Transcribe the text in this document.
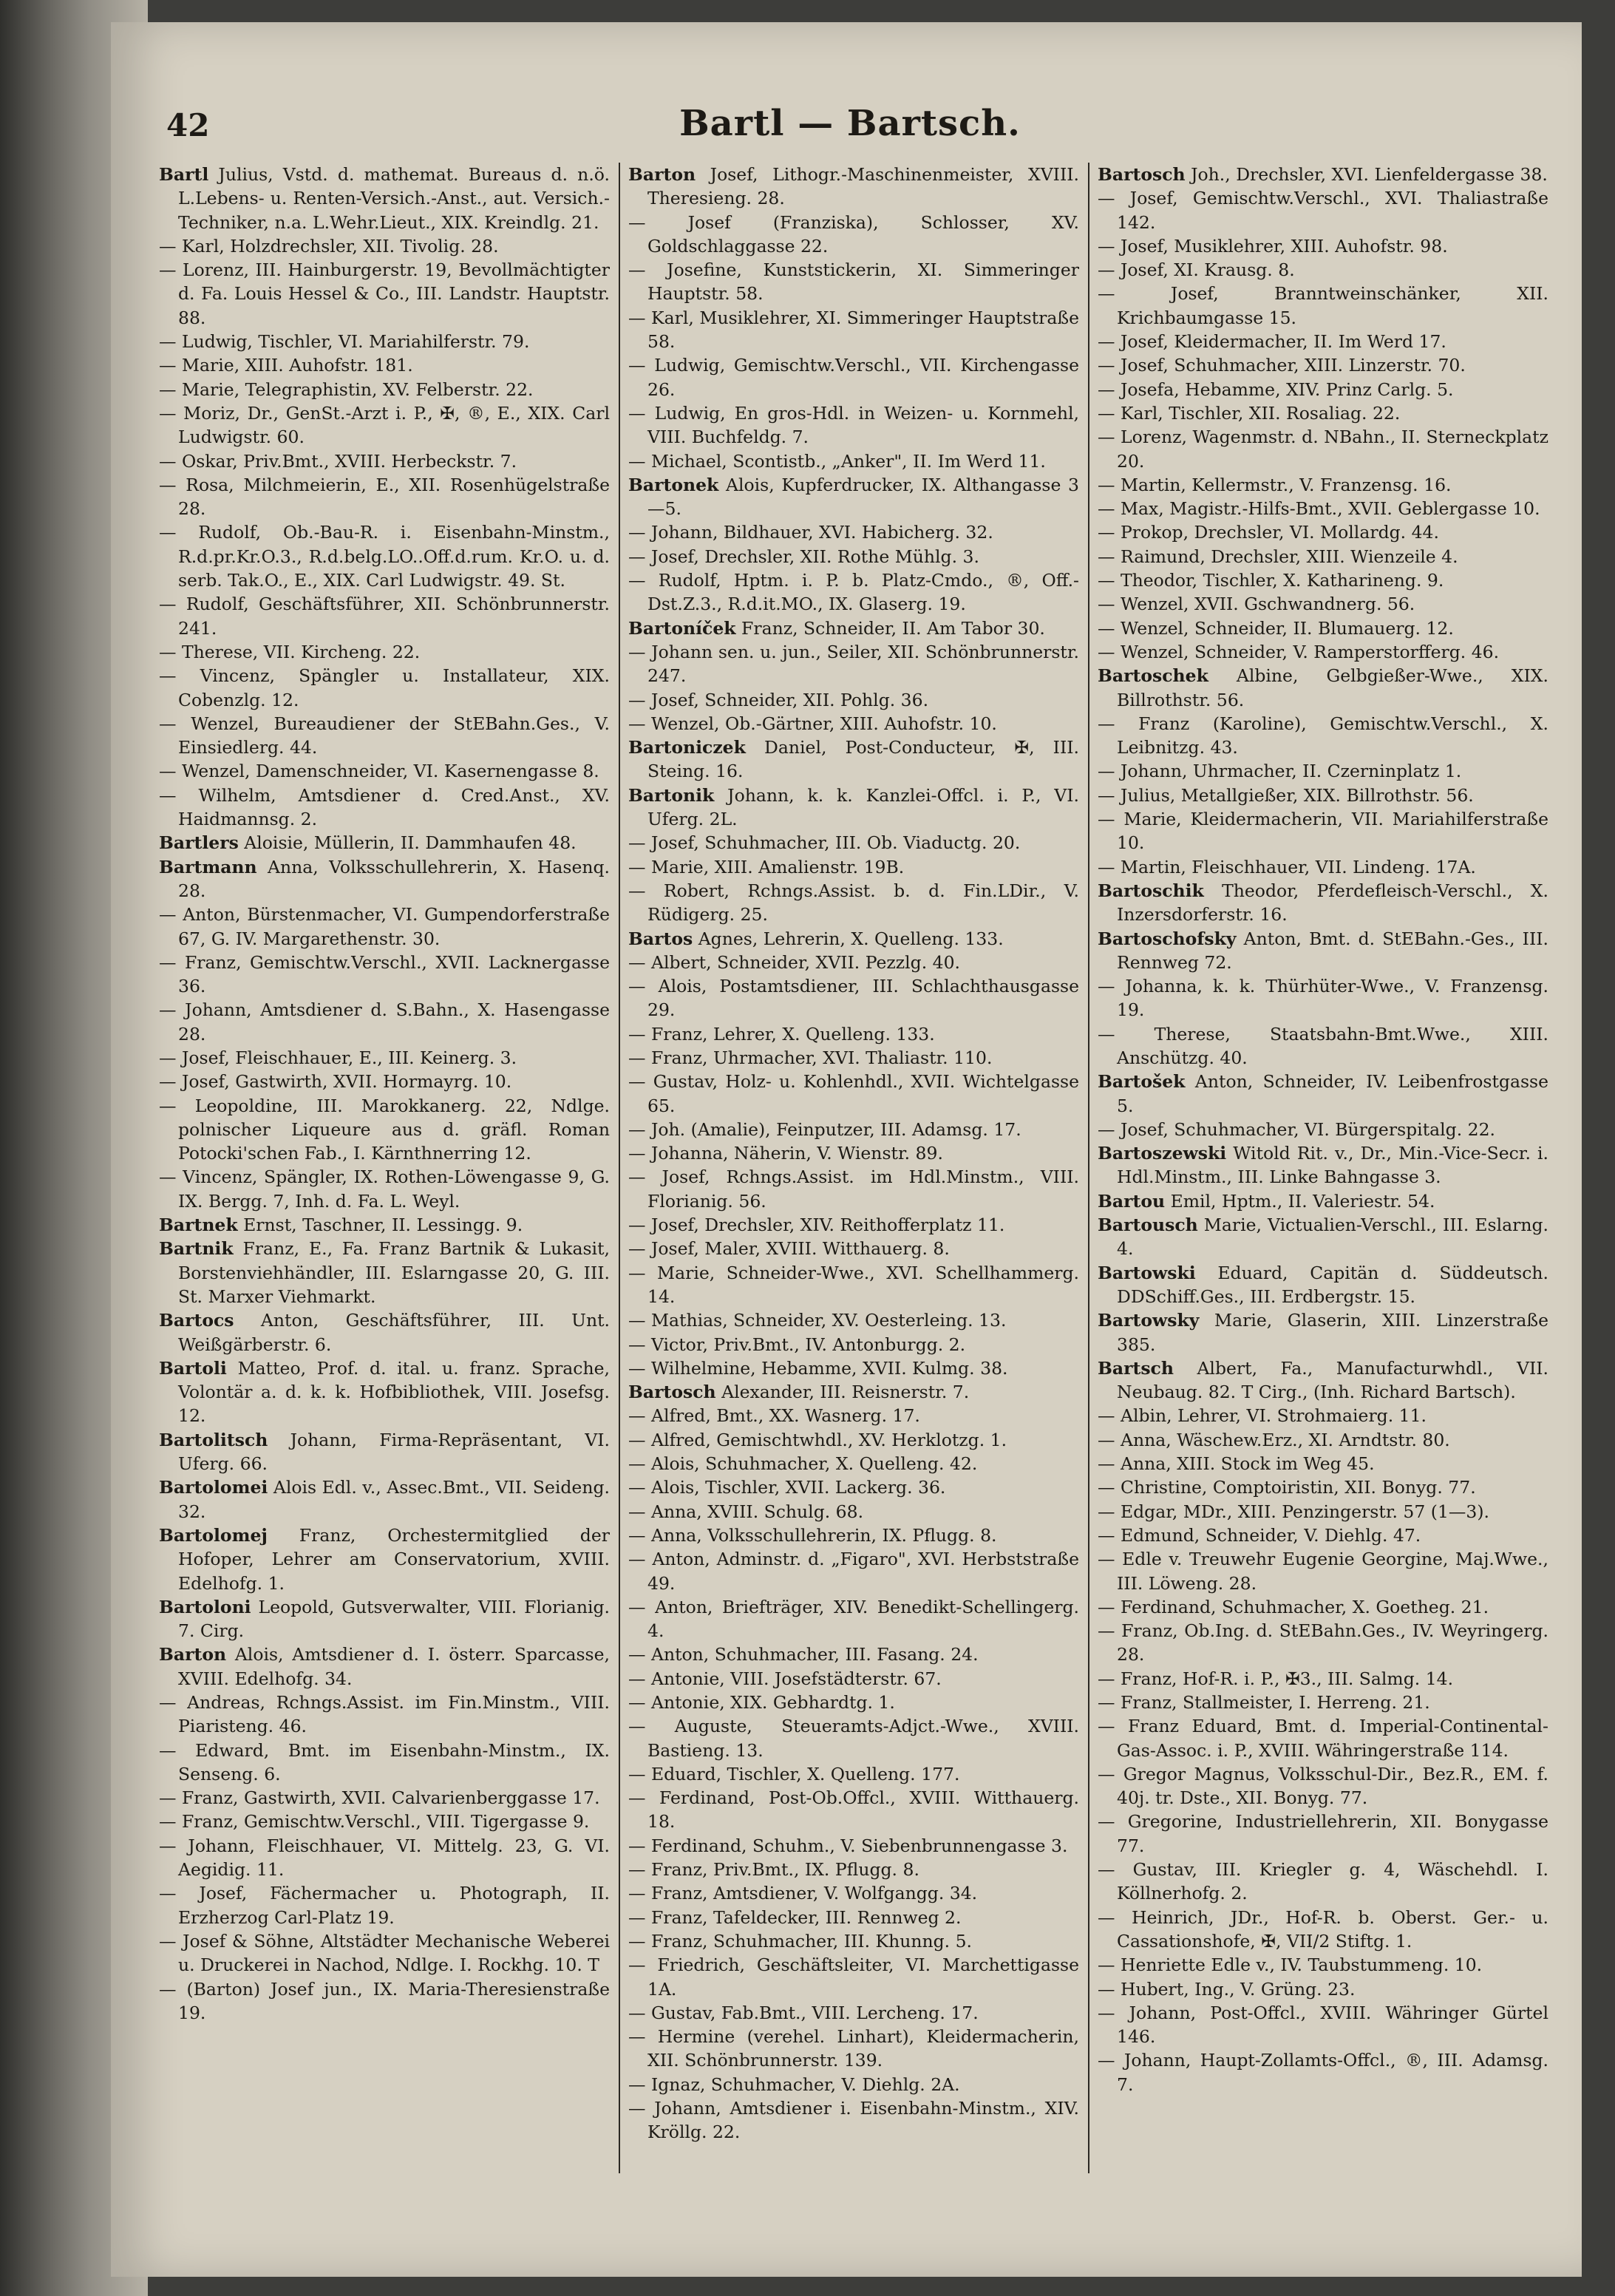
42	Bartl — Bartsch.
Bartl Julius, Vstd. d. mathemat. Bureaus d. n.ö. L.Lebens- u. Renten-Versich.-Anst., aut. Versich.-Techniker, n.a. L.Wehr.Lieut., XIX. Kreindlg. 21.
— Karl, Holzdrechsler, XII. Tivolig. 28.
— Lorenz, III. Hainburgerstr. 19, Bevollmächtigter d. Fa. Louis Hessel & Co., III. Landstr. Hauptstr. 88.
— Ludwig, Tischler, VI. Mariahilferstr. 79.
— Marie, XIII. Auhofstr. 181.
— Marie, Telegraphistin, XV. Felberstr. 22.
— Moriz, Dr., GenSt.-Arzt i. P., ✠, ®, E., XIX. Carl Ludwigstr. 60.
— Oskar, Priv.Bmt., XVIII. Herbeckstr. 7.
— Rosa, Milchmeierin, E., XII. Rosenhügelstraße 28.
— Rudolf, Ob.-Bau-R. i. Eisenbahn-Minstm., R.d.pr.Kr.O.3., R.d.belg.LO..Off.d.rum. Kr.O. u. d. serb. Tak.O., E., XIX. Carl Ludwigstr. 49. St.
— Rudolf, Geschäftsführer, XII. Schönbrunnerstr. 241.
— Therese, VII. Kircheng. 22.
— Vincenz, Spängler u. Installateur, XIX. Cobenzlg. 12.
— Wenzel, Bureaudiener der StEBahn.Ges., V. Einsiedlerg. 44.
— Wenzel, Damenschneider, VI. Kasernengasse 8.
— Wilhelm, Amtsdiener d. Cred.Anst., XV. Haidmannsg. 2.
Bartlers Aloisie, Müllerin, II. Dammhaufen 48.
Bartmann Anna, Volksschullehrerin, X. Hasenq. 28.
— Anton, Bürstenmacher, VI. Gumpendorferstraße 67, G. IV. Margarethenstr. 30.
— Franz, Gemischtw.Verschl., XVII. Lacknergasse 36.
— Johann, Amtsdiener d. S.Bahn., X. Hasengasse 28.
— Josef, Fleischhauer, E., III. Keinerg. 3.
— Josef, Gastwirth, XVII. Hormayrg. 10.
— Leopoldine, III. Marokkanerg. 22, Ndlge. polnischer Liqueure aus d. gräfl. Roman Potocki'schen Fab., I. Kärnthnerring 12.
— Vincenz, Spängler, IX. Rothen-Löwengasse 9, G. IX. Bergg. 7, Inh. d. Fa. L. Weyl.
Bartnek Ernst, Taschner, II. Lessingg. 9.
Bartnik Franz, E., Fa. Franz Bartnik & Lukasit, Borstenviehhändler, III. Eslarngasse 20, G. III. St. Marxer Viehmarkt.
Bartocs Anton, Geschäftsführer, III. Unt. Weißgärberstr. 6.
Bartoli Matteo, Prof. d. ital. u. franz. Sprache, Volontär a. d. k. k. Hofbibliothek, VIII. Josefsg. 12.
Bartolitsch Johann, Firma-Repräsentant, VI. Uferg. 66.
Bartolomei Alois Edl. v., Assec.Bmt., VII. Seideng. 32.
Bartolomej Franz, Orchestermitglied der Hofoper, Lehrer am Conservatorium, XVIII. Edelhofg. 1.
Bartoloni Leopold, Gutsverwalter, VIII. Florianig. 7. Cirg.
Barton Alois, Amtsdiener d. I. österr. Sparcasse, XVIII. Edelhofg. 34.
— Andreas, Rchngs.Assist. im Fin.Minstm., VIII. Piaristeng. 46.
— Edward, Bmt. im Eisenbahn-Minstm., IX. Senseng. 6.
— Franz, Gastwirth, XVII. Calvarienberggasse 17.
— Franz, Gemischtw.Verschl., VIII. Tigergasse 9.
— Johann, Fleischhauer, VI. Mittelg. 23, G. VI. Aegidig. 11.
— Josef, Fächermacher u. Photograph, II. Erzherzog Carl-Platz 19.
— Josef & Söhne, Altstädter Mechanische Weberei u. Druckerei in Nachod, Ndlge. I. Rockhg. 10. T
— (Barton) Josef jun., IX. Maria-Theresienstraße 19.
Barton Josef, Lithogr.-Maschinenmeister, XVIII. Theresieng. 28.
— Josef (Franziska), Schlosser, XV. Goldschlaggasse 22.
— Josefine, Kunststickerin, XI. Simmeringer Hauptstr. 58.
— Karl, Musiklehrer, XI. Simmeringer Hauptstraße 58.
— Ludwig, Gemischtw.Verschl., VII. Kirchengasse 26.
— Ludwig, En gros-Hdl. in Weizen- u. Kornmehl, VIII. Buchfeldg. 7.
— Michael, Scontistb., „Anker", II. Im Werd 11.
Bartonek Alois, Kupferdrucker, IX. Althangasse 3—5.
— Johann, Bildhauer, XVI. Habicherg. 32.
— Josef, Drechsler, XII. Rothe Mühlg. 3.
— Rudolf, Hptm. i. P. b. Platz-Cmdo., ®, Off.-Dst.Z.3., R.d.it.MO., IX. Glaserg. 19.
Bartoníček Franz, Schneider, II. Am Tabor 30.
— Johann sen. u. jun., Seiler, XII. Schönbrunnerstr. 247.
— Josef, Schneider, XII. Pohlg. 36.
— Wenzel, Ob.-Gärtner, XIII. Auhofstr. 10.
Bartoniczek Daniel, Post-Conducteur, ✠, III. Steing. 16.
Bartonik Johann, k. k. Kanzlei-Offcl. i. P., VI. Uferg. 2L.
— Josef, Schuhmacher, III. Ob. Viaductg. 20.
— Marie, XIII. Amalienstr. 19B.
— Robert, Rchngs.Assist. b. d. Fin.LDir., V. Rüdigerg. 25.
Bartos Agnes, Lehrerin, X. Quelleng. 133.
— Albert, Schneider, XVII. Pezzlg. 40.
— Alois, Postamtsdiener, III. Schlachthausgasse 29.
— Franz, Lehrer, X. Quelleng. 133.
— Franz, Uhrmacher, XVI. Thaliastr. 110.
— Gustav, Holz- u. Kohlenhdl., XVII. Wichtelgasse 65.
— Joh. (Amalie), Feinputzer, III. Adamsg. 17.
— Johanna, Näherin, V. Wienstr. 89.
— Josef, Rchngs.Assist. im Hdl.Minstm., VIII. Florianig. 56.
— Josef, Drechsler, XIV. Reithofferplatz 11.
— Josef, Maler, XVIII. Witthauerg. 8.
— Marie, Schneider-Wwe., XVI. Schellhammerg. 14.
— Mathias, Schneider, XV. Oesterleing. 13.
— Victor, Priv.Bmt., IV. Antonburgg. 2.
— Wilhelmine, Hebamme, XVII. Kulmg. 38.
Bartosch Alexander, III. Reisnerstr. 7.
— Alfred, Bmt., XX. Wasnerg. 17.
— Alfred, Gemischtwhdl., XV. Herklotzg. 1.
— Alois, Schuhmacher, X. Quelleng. 42.
— Alois, Tischler, XVII. Lackerg. 36.
— Anna, XVIII. Schulg. 68.
— Anna, Volksschullehrerin, IX. Pflugg. 8.
— Anton, Adminstr. d. „Figaro", XVI. Herbststraße 49.
— Anton, Briefträger, XIV. Benedikt-Schellingerg. 4.
— Anton, Schuhmacher, III. Fasang. 24.
— Antonie, VIII. Josefstädterstr. 67.
— Antonie, XIX. Gebhardtg. 1.
— Auguste, Steueramts-Adjct.-Wwe., XVIII. Bastieng. 13.
— Eduard, Tischler, X. Quelleng. 177.
— Ferdinand, Post-Ob.Offcl., XVIII. Witthauerg. 18.
— Ferdinand, Schuhm., V. Siebenbrunnengasse 3.
— Franz, Priv.Bmt., IX. Pflugg. 8.
— Franz, Amtsdiener, V. Wolfgangg. 34.
— Franz, Tafeldecker, III. Rennweg 2.
— Franz, Schuhmacher, III. Khunng. 5.
— Friedrich, Geschäftsleiter, VI. Marchettigasse 1A.
— Gustav, Fab.Bmt., VIII. Lercheng. 17.
— Hermine (verehel. Linhart), Kleidermacherin, XII. Schönbrunnerstr. 139.
— Ignaz, Schuhmacher, V. Diehlg. 2A.
— Johann, Amtsdiener i. Eisenbahn-Minstm., XIV. Kröllg. 22.
Bartosch Joh., Drechsler, XVI. Lienfeldergasse 38.
— Josef, Gemischtw.Verschl., XVI. Thaliastraße 142.
— Josef, Musiklehrer, XIII. Auhofstr. 98.
— Josef, XI. Krausg. 8.
— Josef, Branntweinschänker, XII. Krichbaumgasse 15.
— Josef, Kleidermacher, II. Im Werd 17.
— Josef, Schuhmacher, XIII. Linzerstr. 70.
— Josefa, Hebamme, XIV. Prinz Carlg. 5.
— Karl, Tischler, XII. Rosaliag. 22.
— Lorenz, Wagenmstr. d. NBahn., II. Sterneckplatz 20.
— Martin, Kellermstr., V. Franzensg. 16.
— Max, Magistr.-Hilfs-Bmt., XVII. Geblergasse 10.
— Prokop, Drechsler, VI. Mollardg. 44.
— Raimund, Drechsler, XIII. Wienzeile 4.
— Theodor, Tischler, X. Katharineng. 9.
— Wenzel, XVII. Gschwandnerg. 56.
— Wenzel, Schneider, II. Blumauerg. 12.
— Wenzel, Schneider, V. Ramperstorfferg. 46.
Bartoschek Albine, Gelbgießer-Wwe., XIX. Billrothstr. 56.
— Franz (Karoline), Gemischtw.Verschl., X. Leibnitzg. 43.
— Johann, Uhrmacher, II. Czerninplatz 1.
— Julius, Metallgießer, XIX. Billrothstr. 56.
— Marie, Kleidermacherin, VII. Mariahilferstraße 10.
— Martin, Fleischhauer, VII. Lindeng. 17A.
Bartoschik Theodor, Pferdefleisch-Verschl., X. Inzersdorferstr. 16.
Bartoschofsky Anton, Bmt. d. StEBahn.-Ges., III. Rennweg 72.
— Johanna, k. k. Thürhüter-Wwe., V. Franzensg. 19.
— Therese, Staatsbahn-Bmt.Wwe., XIII. Anschützg. 40.
Bartošek Anton, Schneider, IV. Leibenfrostgasse 5.
— Josef, Schuhmacher, VI. Bürgerspitalg. 22.
Bartoszewski Witold Rit. v., Dr., Min.-Vice-Secr. i. Hdl.Minstm., III. Linke Bahngasse 3.
Bartou Emil, Hptm., II. Valeriestr. 54.
Bartousch Marie, Victualien-Verschl., III. Eslarng. 4.
Bartowski Eduard, Capitän d. Süddeutsch. DDSchiff.Ges., III. Erdbergstr. 15.
Bartowsky Marie, Glaserin, XIII. Linzerstraße 385.
Bartsch Albert, Fa., Manufacturwhdl., VII. Neubaug. 82. T Cirg., (Inh. Richard Bartsch).
— Albin, Lehrer, VI. Strohmaierg. 11.
— Anna, Wäschew.Erz., XI. Arndtstr. 80.
— Anna, XIII. Stock im Weg 45.
— Christine, Comptoiristin, XII. Bonyg. 77.
— Edgar, MDr., XIII. Penzingerstr. 57 (1—3).
— Edmund, Schneider, V. Diehlg. 47.
— Edle v. Treuwehr Eugenie Georgine, Maj.Wwe., III. Löweng. 28.
— Ferdinand, Schuhmacher, X. Goetheg. 21.
— Franz, Ob.Ing. d. StEBahn.Ges., IV. Weyringerg. 28.
— Franz, Hof-R. i. P., ✠3., III. Salmg. 14.
— Franz, Stallmeister, I. Herreng. 21.
— Franz Eduard, Bmt. d. Imperial-Continental-Gas-Assoc. i. P., XVIII. Währingerstraße 114.
— Gregor Magnus, Volksschul-Dir., Bez.R., EM. f. 40j. tr. Dste., XII. Bonyg. 77.
— Gregorine, Industriellehrerin, XII. Bonygasse 77.
— Gustav, III. Kriegler g. 4, Wäschehdl. I. Köllnerhofg. 2.
— Heinrich, JDr., Hof-R. b. Oberst. Ger.- u. Cassationshofe, ✠, VII/2 Stiftg. 1.
— Henriette Edle v., IV. Taubstummeng. 10.
— Hubert, Ing., V. Grüng. 23.
— Johann, Post-Offcl., XVIII. Währinger Gürtel 146.
— Johann, Haupt-Zollamts-Offcl., ®, III. Adamsg. 7.
